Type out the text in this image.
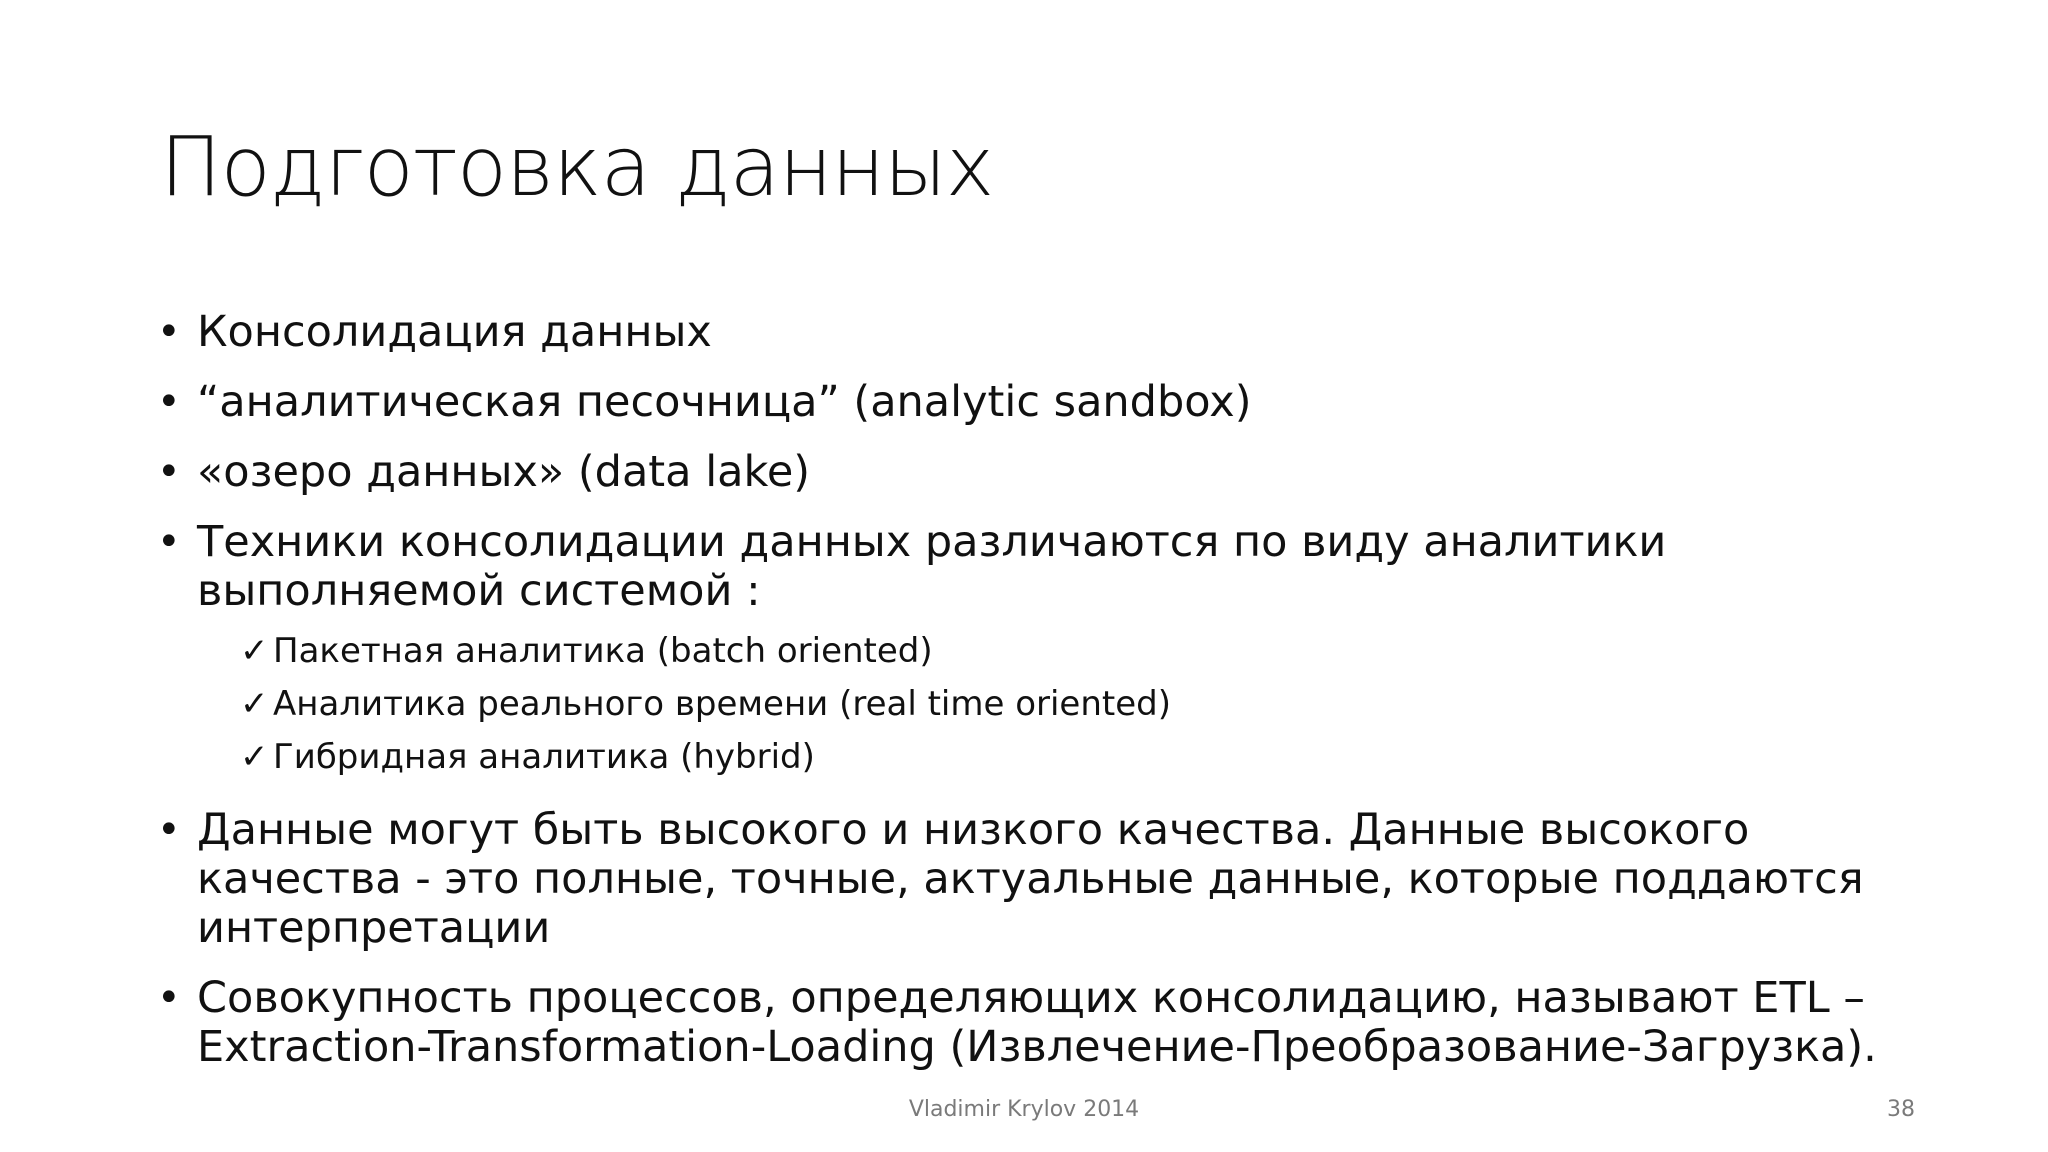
Подготовка данных
• Консолидация данных
• “аналитическая песочница” (analytic sandbox)
• «озеро данных» (data lake)
• Техники консолидации данных различаются по виду аналитики выполняемой системой :
✓ Пакетная аналитика (batch oriented)
✓ Аналитика реального времени (real time oriented)
✓ Гибридная аналитика (hybrid)
• Данные могут быть высокого и низкого качества. Данные высокого качества - это полные, точные, актуальные данные, которые поддаются интерпретации
• Совокупность процессов, определяющих консолидацию, называют ETL – Extraction-Transformation-Loading (Извлечение-Преобразование-Загрузка).
Vladimir Krylov 2014	38
